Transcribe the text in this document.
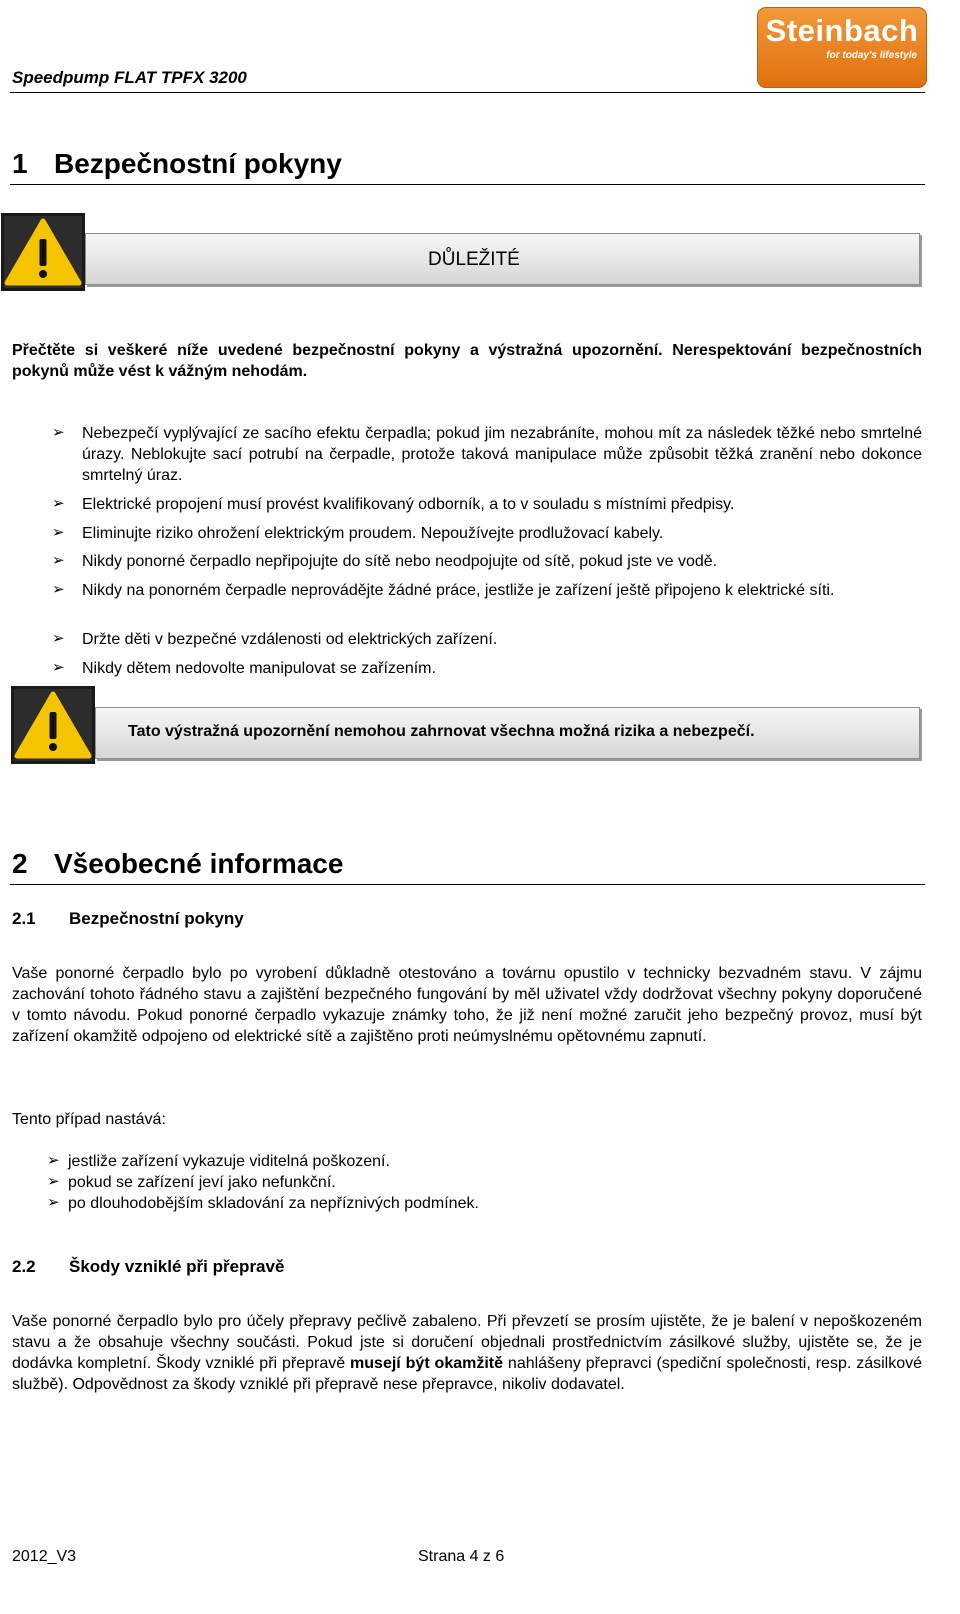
Speedpump FLAT TPFX 3200
Steinbach
for today's lifestyle
1 Bezpečnostní pokyny
DŮLEŽITÉ
Přečtěte si veškeré níže uvedené bezpečnostní pokyny a výstražná upozornění. Nerespektování bezpečnostních pokynů může vést k vážným nehodám.
➢ Nebezpečí vyplývající ze sacího efektu čerpadla; pokud jim nezabráníte, mohou mít za následek těžké nebo smrtelné úrazy. Neblokujte sací potrubí na čerpadle, protože taková manipulace může způsobit těžká zranění nebo dokonce smrtelný úraz.
➢ Elektrické propojení musí provést kvalifikovaný odborník, a to v souladu s místními předpisy.
➢ Eliminujte riziko ohrožení elektrickým proudem. Nepoužívejte prodlužovací kabely.
➢ Nikdy ponorné čerpadlo nepřipojujte do sítě nebo neodpojujte od sítě, pokud jste ve vodě.
➢ Nikdy na ponorném čerpadle neprovádějte žádné práce, jestliže je zařízení ještě připojeno k elektrické síti.
➢ Držte děti v bezpečné vzdálenosti od elektrických zařízení.
➢ Nikdy dětem nedovolte manipulovat se zařízením.
Tato výstražná upozornění nemohou zahrnovat všechna možná rizika a nebezpečí.
2 Všeobecné informace
2.1 Bezpečnostní pokyny
Vaše ponorné čerpadlo bylo po vyrobení důkladně otestováno a továrnu opustilo v technicky bezvadném stavu. V zájmu zachování tohoto řádného stavu a zajištění bezpečného fungování by měl uživatel vždy dodržovat všechny pokyny doporučené v tomto návodu. Pokud ponorné čerpadlo vykazuje známky toho, že již není možné zaručit jeho bezpečný provoz, musí být zařízení okamžitě odpojeno od elektrické sítě a zajištěno proti neúmyslnému opětovnému zapnutí.
Tento případ nastává:
➢ jestliže zařízení vykazuje viditelná poškození.
➢ pokud se zařízení jeví jako nefunkční.
➢ po dlouhodobějším skladování za nepříznivých podmínek.
2.2 Škody vzniklé při přepravě
Vaše ponorné čerpadlo bylo pro účely přepravy pečlivě zabaleno. Při převzetí se prosím ujistěte, že je balení v nepoškozeném stavu a že obsahuje všechny součásti. Pokud jste si doručení objednali prostřednictvím zásilkové služby, ujistěte se, že je dodávka kompletní. Škody vzniklé při přepravě musejí být okamžitě nahlášeny přepravci (spediční společnosti, resp. zásilkové službě). Odpovědnost za škody vzniklé při přepravě nese přepravce, nikoliv dodavatel.
2012_V3	Strana 4 z 6
